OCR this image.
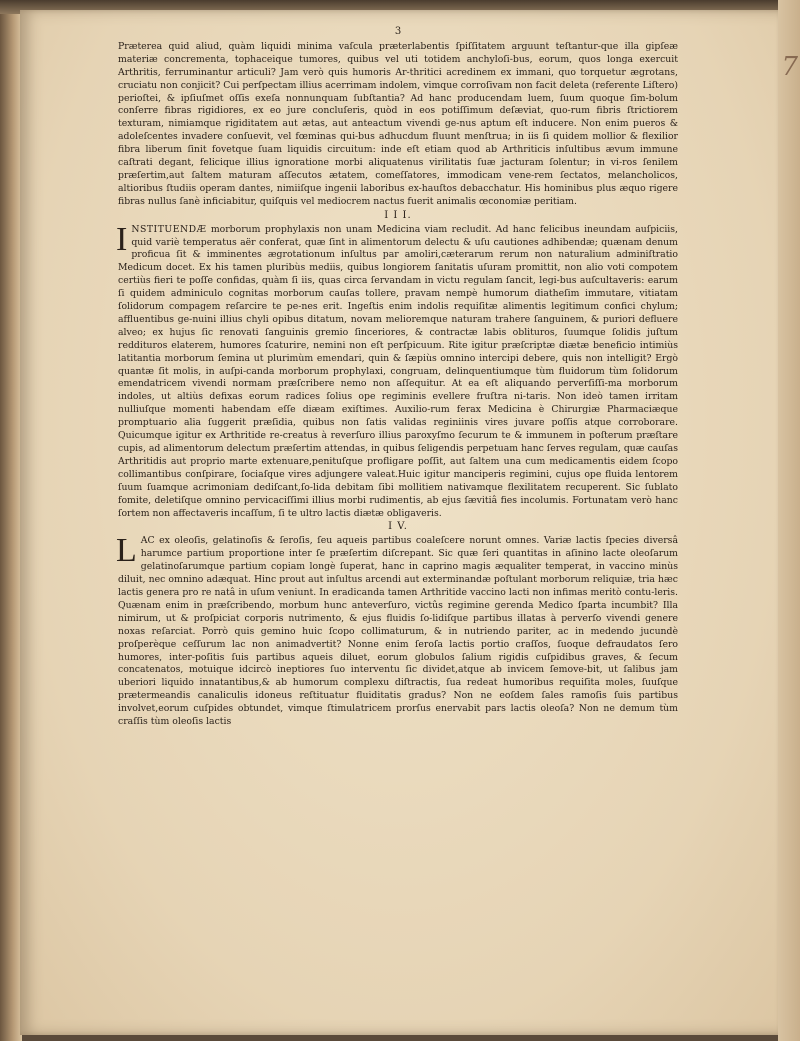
7
3

Præterea quid aliud, quàm liquidi minima vaſcula præterlabentis ſpiſſitatem arguunt teſtantur-que illa gipſeæ materiæ concrementa, tophaceique tumores, quibus vel uti totidem anchyloſi-bus, eorum, quos longa exercuit Arthritis, ferruminantur articuli? Jam verò quis humoris Ar-thritici acredinem ex immani, quo torquetur ægrotans, cruciatu non conjicit? Cui perſpectam illius acerrimam indolem, vimque corroſivam non facit deleta (referente Liſtero) perioſtei, & ipſiuſmet oſſis exeſa nonnunquam ſubſtantia? Ad hanc producendam luem, ſuum quoque ſim-bolum conſerre fibras rigidiores, ex eo jure concluſeris, quòd in eos potiſſimum deſæviat, quo-rum fibris ſtrictiorem texturam, nimiamque rigiditatem aut ætas, aut anteactum vivendi ge-nus aptum eſt inducere. Non enim pueros & adoleſcentes invadere conſuevit, vel fœminas qui-bus adhucdum fluunt menſtrua; in iis ſi quidem mollior & flexilior fibra liberum ſinit fovetque ſuam liquidis circuitum: inde eſt etiam quod ab Arthriticis inſultibus ævum immune caſtrati degant, felicique illius ignoratione morbi aliquatenus virilitatis ſuæ jacturam ſolentur; in vi-ros ſenilem præſertim,aut ſaltem maturam aſſecutos ætatem, comeſſatores, immodicam vene-rem ſectatos, melancholicos, altioribus ſtudiis operam dantes, nimiiſque ingenii laboribus ex-hauſtos debacchatur. His hominibus plus æquo rigere fibras nullus ſanè inficiabitur, quiſquis vel mediocrem nactus fuerit animalis œconomiæ peritiam.

I I I.

INSTITUENDÆ morborum prophylaxis non unam Medicina viam recludit. Ad hanc felicibus ineundam auſpiciis, quid variè temperatus aër conferat, quæ ſint in alimentorum delectu & uſu cautiones adhibendæ; quænam denum proficua ſit & imminentes ægrotationum inſultus par amoliri,cæterarum rerum non naturalium adminiſtratio Medicum docet. Ex his tamen pluribùs mediis, quibus longiorem ſanitatis uſuram promittit, non alio voti compotem certiùs fieri te poſſe confidas, quàm ſi iis, quas circa ſervandam in victu regulam ſancit, legi-bus auſcultaveris: earum ſi quidem adminiculo cognitas morborum cauſas tollere, pravam nempè humorum diatheſim immutare, vitiatam ſolidorum compagem reſarcire te pe-nes erit. Ingeſtis enim indolis requiſitæ alimentis legitimum confici chylum; affluentibus ge-nuini illius chyli opibus ditatum, novam melioremque naturam trahere ſanguinem, & puriori defluere alveo; ex hujus ſic renovati ſanguinis gremio ſinceriores, & contractæ labis oblituros, ſuumque ſolidis juſtum reddituros elaterem, humores ſcaturire, nemini non eſt perſpicuum. Rite igitur præſcriptæ diætæ beneficio intimiùs latitantia morborum ſemina ut plurimùm emendari, quin & ſæpiùs omnino intercipi debere, quis non intelligit? Ergò quantæ ſit molis, in auſpi-canda morborum prophylaxi, congruam, delinquentiumque tùm fluidorum tùm ſolidorum emendatricem vivendi normam præſcribere nemo non aſſequitur. At ea eſt aliquando perverſiſſi-ma morborum indoles, ut altiùs defixas eorum radices ſolius ope regiminis evellere fruſtra ni-taris. Non ideò tamen irritam nulliuſque momenti habendam eſſe diæam exiſtimes. Auxilio-rum ferax Medicina è Chirurgiæ Pharmaciæque promptuario alia ſuggerit præſidia, quibus non ſatis validas reginiinis vires juvare poſſis atque corroborare. Quicumque igitur ex Arthritide re-creatus à reverſuro illius paroxyſmo ſecurum te & immunem in poſterum præſtare cupis, ad alimentorum delectum præſertim attendas, in quibus ſeligendis perpetuam hanc ſerves regulam, quæ cauſas Arthritidis aut proprio marte extenuare,penituſque profligare poſſit, aut ſaltem una cum medicamentis eidem ſcopo collimantibus conſpirare, ſociaſque vires adjungere valeat.Huic igitur manciperis regimini, cujus ope fluida lentorem ſuum ſuamque acrimoniam dediſcant,ſo-lida debitam ſibi mollitiem nativamque flexilitatem recuperent. Sic ſublato fomite, deletiſque omnino pervicaciſſimi illius morbi rudimentis, ab ejus ſævitiâ fies incolumis. Fortunatam verò hanc ſortem non affectaveris incaſſum, ſi te ultro lactis diætæ obligaveris.

I V.

LAC ex oleoſis, gelatinoſis & ſeroſis, ſeu aqueis partibus coaleſcere norunt omnes. Variæ lactis ſpecies diversâ harumce partium proportione inter ſe præſertim diſcrepant. Sic quæ ſeri quantitas in aſinino lacte oleoſarum gelatinoſarumque partium copiam longè ſuperat, hanc in caprino magis æqualiter temperat, in vaccino minùs diluit, nec omnino adæquat. Hinc prout aut inſultus arcendi aut exterminandæ poſtulant morborum reliquiæ, tria hæc lactis genera pro re natâ in uſum veniunt. In eradicanda tamen Arthritide vaccino lacti non infimas meritò contu-leris. Quænam enim in præſcribendo, morbum hunc anteverſuro, victûs regimine gerenda Medico ſparta incumbit? Illa nimirum, ut & proſpiciat corporis nutrimento, & ejus fluidis ſo-lidiſque partibus illatas à perverſo vivendi genere noxas reſarciat. Porrò quis gemino huic ſcopo collimaturum, & in nutriendo pariter, ac in medendo jucundè proſperèque ceſſurum lac non animadvertit? Nonne enim ſeroſa lactis portio craſſos, ſuoque defraudatos ſero humores, inter-poſitis ſuis partibus aqueis diluet, eorum globulos ſalium rigidis cuſpidibus graves, & ſecum concatenatos, motuique idcircò ineptiores ſuo interventu ſic dividet,atque ab invicem ſemove-bit, ut ſalibus jam uberiori liquido innatantibus,& ab humorum complexu diſtractis, ſua redeat humoribus requiſita moles, ſuuſque prætermeandis canaliculis idoneus reſtituatur fluiditatis gradus? Non ne eoſdem ſales ramoſis ſuis partibus involvet,eorum cuſpides obtundet, vimque ſtimulatricem prorſus enervabit pars lactis oleoſa? Non ne demum tùm craſſis tùm oleoſis lactis
